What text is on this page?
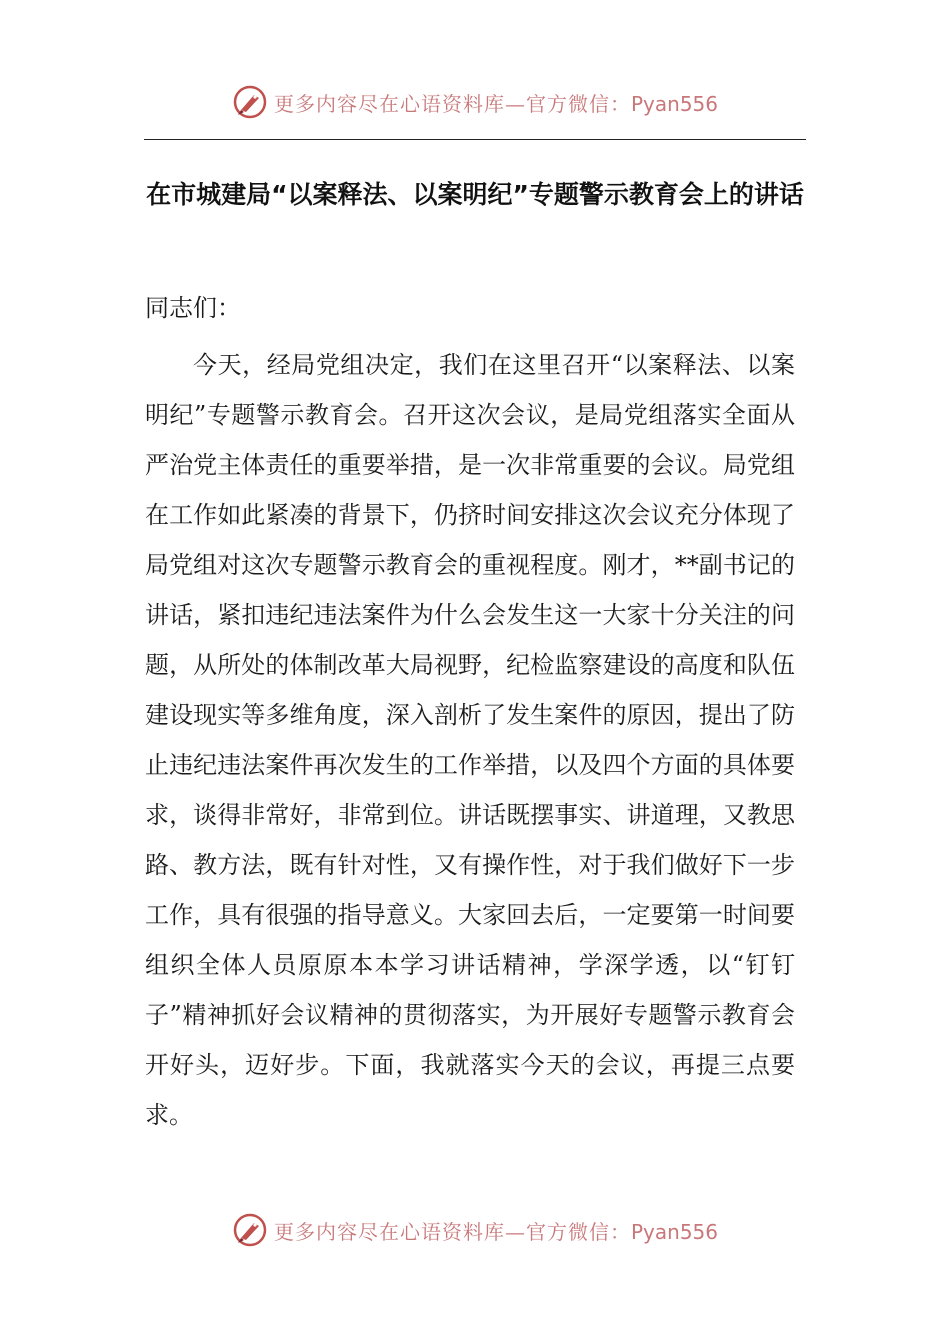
更多内容尽在心语资料库—官方微信：Pyan556
在市城建局“以案释法、以案明纪”专题警示教育会上的讲话
同志们：
今天，经局党组决定，我们在这里召开“以案释法、以案明纪”专题警示教育会。召开这次会议，是局党组落实全面从严治党主体责任的重要举措，是一次非常重要的会议。局党组在工作如此紧凑的背景下，仍挤时间安排这次会议充分体现了局党组对这次专题警示教育会的重视程度。刚才，**副书记的讲话，紧扣违纪违法案件为什么会发生这一大家十分关注的问题，从所处的体制改革大局视野，纪检监察建设的高度和队伍建设现实等多维角度，深入剖析了发生案件的原因，提出了防止违纪违法案件再次发生的工作举措，以及四个方面的具体要求，谈得非常好，非常到位。讲话既摆事实、讲道理，又教思路、教方法，既有针对性，又有操作性，对于我们做好下一步工作，具有很强的指导意义。大家回去后，一定要第一时间要组织全体人员原原本本学习讲话精神，学深学透，以“钉钉子”精神抓好会议精神的贯彻落实，为开展好专题警示教育会开好头，迈好步。下面，我就落实今天的会议，再提三点要求。
更多内容尽在心语资料库—官方微信：Pyan556
